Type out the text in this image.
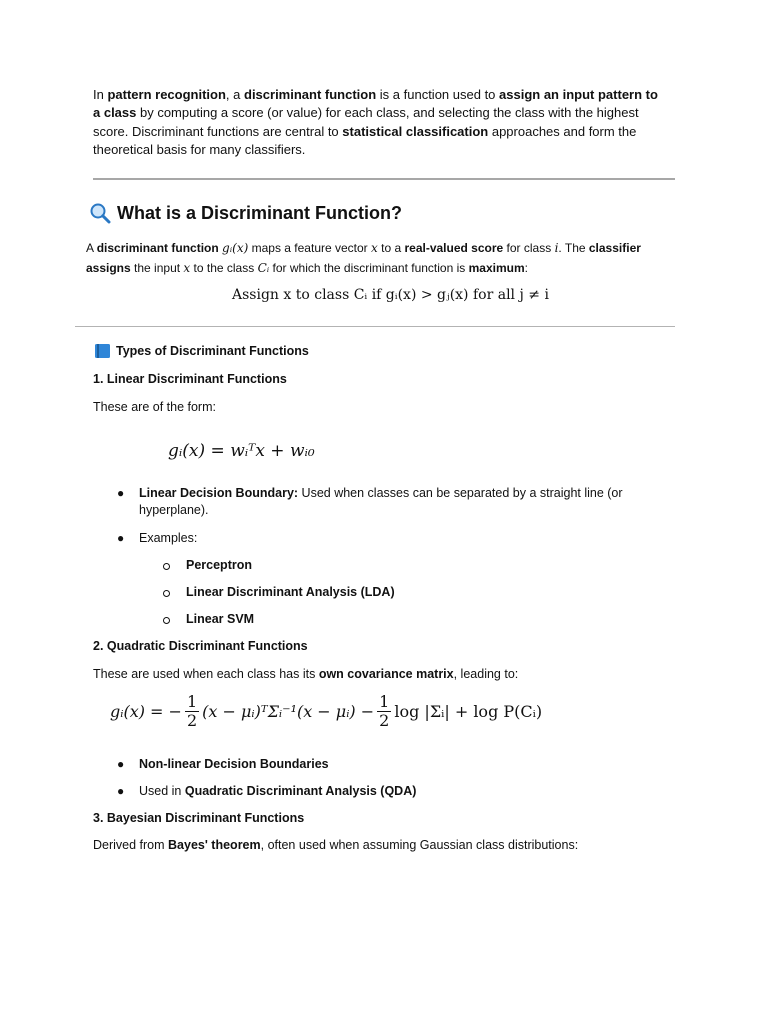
In pattern recognition, a discriminant function is a function used to assign an input pattern to a class by computing a score (or value) for each class, and selecting the class with the highest score. Discriminant functions are central to statistical classification approaches and form the theoretical basis for many classifiers.

What is a Discriminant Function?

A discriminant function gᵢ(x) maps a feature vector x to a real-valued score for class i. The classifier assigns the input x to the class Cᵢ for which the discriminant function is maximum:

Assign x to class Cᵢ if gᵢ(x) > gⱼ(x) for all j ≠ i
Types of Discriminant Functions
1. Linear Discriminant Functions
These are of the form:
gᵢ(x) = wᵢᵀx + wᵢ₀
● Linear Decision Boundary: Used when classes can be separated by a straight line (or hyperplane).
● Examples:
Perceptron
Linear Discriminant Analysis (LDA)
Linear SVM
2. Quadratic Discriminant Functions
These are used when each class has its own covariance matrix, leading to:
gᵢ(x) = − $\frac{1}{2} (x$ − μᵢ)ᵀΣᵢ⁻¹(x − μᵢ) − $\frac{1}{2}$ log |Σᵢ| + log P(Cᵢ)
● Non-linear Decision Boundaries
● Used in Quadratic Discriminant Analysis (QDA)
3. Bayesian Discriminant Functions
Derived from Bayes' theorem, often used when assuming Gaussian class distributions:
